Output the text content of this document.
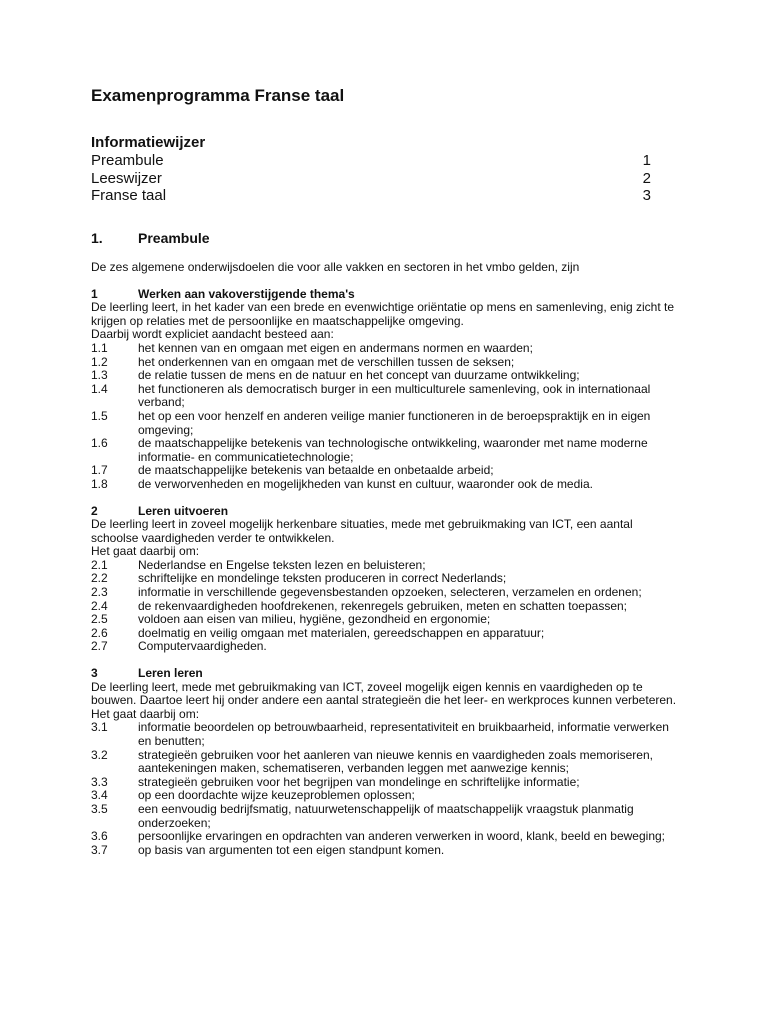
Examenprogramma Franse taal
Informatiewijzer
Preambule	1
Leeswijzer	2
Franse taal	3
1.	Preambule
De zes algemene onderwijsdoelen die voor alle vakken en sectoren in het vmbo gelden, zijn
1	Werken aan vakoverstijgende thema's
De leerling leert, in het kader van een brede en evenwichtige oriëntatie op mens en samenleving, enig zicht te krijgen op relaties met de persoonlijke en maatschappelijke omgeving.
Daarbij wordt expliciet aandacht besteed aan:
1.1	het kennen van en omgaan met eigen en andermans normen en waarden;
1.2	het onderkennen van en omgaan met de verschillen tussen de seksen;
1.3	de relatie tussen de mens en de natuur en het concept van duurzame ontwikkeling;
1.4	het functioneren als democratisch burger in een multiculturele samenleving, ook in internationaal verband;
1.5	het op een voor henzelf en anderen veilige manier functioneren in de beroepspraktijk en in eigen omgeving;
1.6	de maatschappelijke betekenis van technologische ontwikkeling, waaronder met name moderne informatie- en communicatietechnologie;
1.7	de maatschappelijke betekenis van betaalde en onbetaalde arbeid;
1.8	de verworvenheden en mogelijkheden van kunst en cultuur, waaronder ook de media.
2	Leren uitvoeren
De leerling leert in zoveel mogelijk herkenbare situaties, mede met gebruikmaking van ICT, een aantal schoolse vaardigheden verder te ontwikkelen.
Het gaat daarbij om:
2.1	Nederlandse en Engelse teksten lezen en beluisteren;
2.2	schriftelijke en mondelinge teksten produceren in correct Nederlands;
2.3	informatie in verschillende gegevensbestanden opzoeken, selecteren, verzamelen en ordenen;
2.4	de rekenvaardigheden hoofdrekenen, rekenregels gebruiken, meten en schatten toepassen;
2.5	voldoen aan eisen van milieu, hygiëne, gezondheid en ergonomie;
2.6	doelmatig en veilig omgaan met materialen, gereedschappen en apparatuur;
2.7	Computervaardigheden.
3	Leren leren
De leerling leert, mede met gebruikmaking van ICT, zoveel mogelijk eigen kennis en vaardigheden op te bouwen. Daartoe leert hij onder andere een aantal strategieën die het leer- en werkproces kunnen verbeteren.
Het gaat daarbij om:
3.1	informatie beoordelen op betrouwbaarheid, representativiteit en bruikbaarheid, informatie verwerken en benutten;
3.2	strategieën gebruiken voor het aanleren van nieuwe kennis en vaardigheden zoals memoriseren, aantekeningen maken, schematiseren, verbanden leggen met aanwezige kennis;
3.3	strategieën gebruiken voor het begrijpen van mondelinge en schriftelijke informatie;
3.4	op een doordachte wijze keuzeproblemen oplossen;
3.5	een eenvoudig bedrijfsmatig, natuurwetenschappelijk of maatschappelijk vraagstuk planmatig onderzoeken;
3.6	persoonlijke ervaringen en opdrachten van anderen verwerken in woord, klank, beeld en beweging;
3.7	op basis van argumenten tot een eigen standpunt komen.
